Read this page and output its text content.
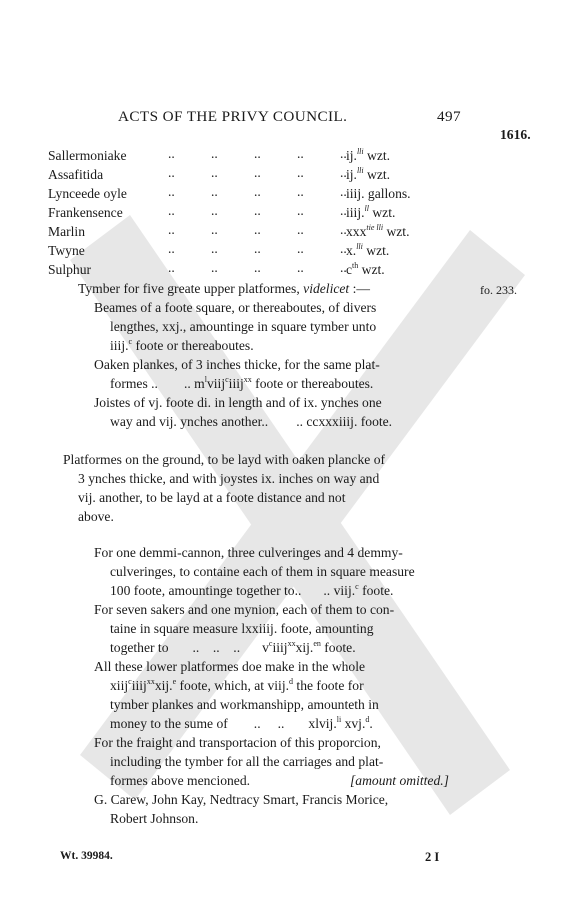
ACTS OF THE PRIVY COUNCIL.	497
1616.
Sallermoniake	..	..	..	..	.. ij.$^{lli}$ wzt.
Assafitida	..	..	..	..	.. ij.$^{lli}$ wzt.
Lynceede oyle	..	..	..	..	.. iiij. gallons.
Frankensence	..	..	..	..	.. iiij.$^{ll}$ wzt.
Marlin	..	..	..	..	.. xxx$^{tie lli}$ wzt.
Twyne	..	..	..	..	.. x.$^{lli}$ wzt.
Sulphur	..	..	..	..	.. $c^{th}$ wzt.
Tymber for five greate upper platformes, videlicet :—	fo. 233.
Beames of a foote square, or thereaboutes, of divers
lengthes, xxj., amountinge in square tymber unto
iiij.$^c$ foote or thereaboutes.
Oaken plankes, of 3 inches thicke, for the same plat-
formes .. .. $m^lviij^ciiij^{xx}$ foote or thereaboutes.
Joistes of vj. foote di. in length and of ix. ynches one
way and vij. ynches another.. .. ccxxxiiij. foote.
Platformes on the ground, to be layd with oaken plancke of
3 ynches thicke, and with joystes ix. inches on way and
vij. another, to be layd at a foote distance and not
above.
For one demmi-cannon, three culveringes and 4 demmy-
culveringes, to containe each of them in square measure
100 foote, amountinge together to.. .. viij.$^c$ foote.
For seven sakers and one mynion, each of them to con-
taine in square measure lxxiiij. foote, amounting
together to ..    ..    .. $v^ciiij^{xx}xij.^{en}$ foote.
All these lower platformes doe make in the whole
xiij$^c$iiij$^{xx}$xij.$^e$ foote, which, at viij.$^d$ the foote for
tymber plankes and workmanshipp, amounteth in
money to the sume of ..     .. xlvij.$^{li}$ xvj.$^d$.
For the fraight and transportacion of this proporcion,
including the tymber for all the carriages and plat-
formes above mencioned.	[amount omitted.]
G. Carew, John Kay, Nedtracy Smart, Francis Morice,
Robert Johnson.
Wt. 39984.	2 I
